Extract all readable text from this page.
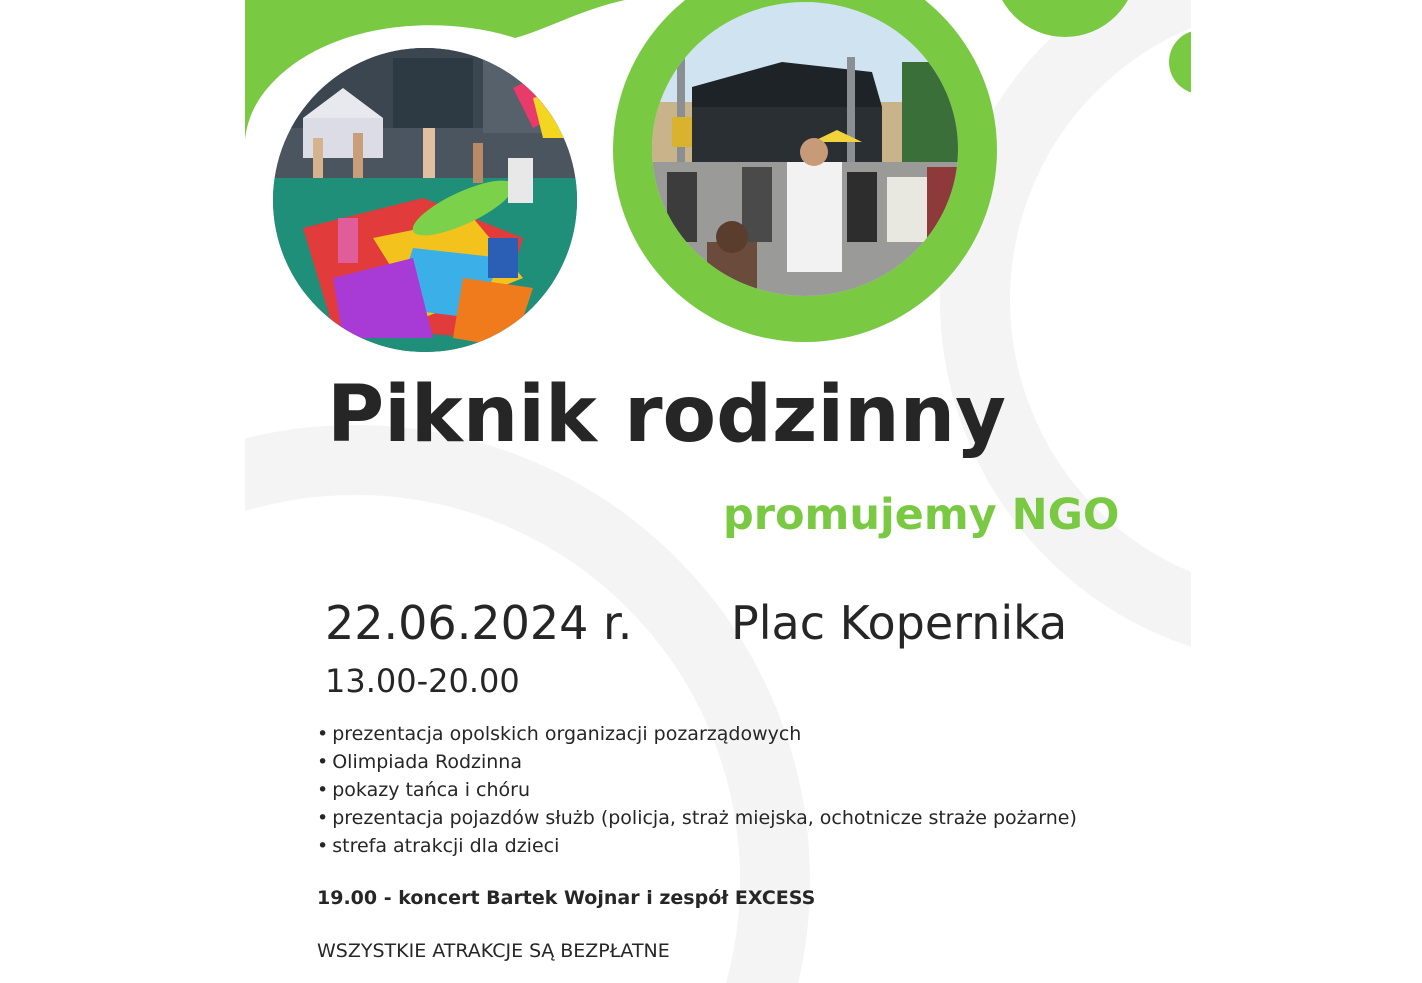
Piknik rodzinny
promujemy NGO
22.06.2024 r. Plac Kopernika
13.00-20.00
• prezentacja opolskich organizacji pozarządowych
• Olimpiada Rodzinna
• pokazy tańca i chóru
• prezentacja pojazdów służb (policja, straż miejska, ochotnicze straże pożarne)
• strefa atrakcji dla dzieci
19.00 - koncert Bartek Wojnar i zespół EXCESS
WSZYSTKIE ATRAKCJE SĄ BEZPŁATNE
